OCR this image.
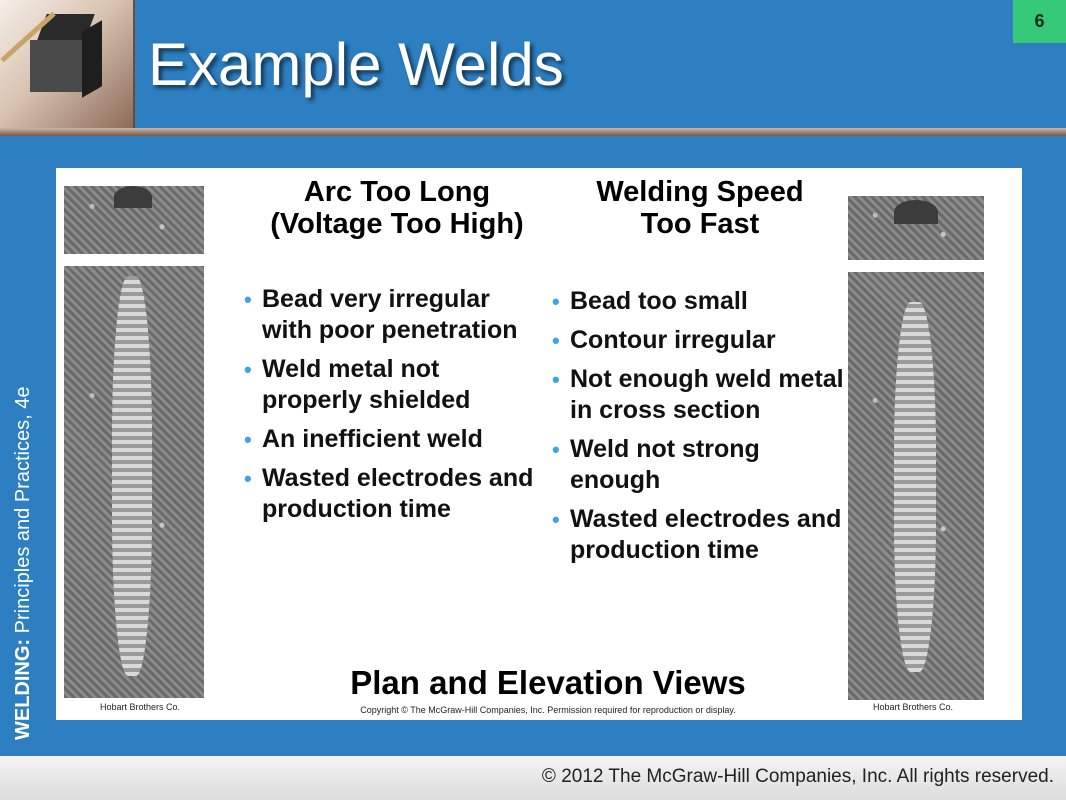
Example Welds
6
WELDING: Principles and Practices, 4e
Hobart Brothers Co.	Hobart Brothers Co.
Arc Too Long
(Voltage Too High)
• Bead very irregular with poor penetration
• Weld metal not properly shielded
• An inefficient weld
• Wasted electrodes and production time
Welding Speed
Too Fast
• Bead too small
• Contour irregular
• Not enough weld metal in cross section
• Weld not strong enough
• Wasted electrodes and production time
Plan and Elevation Views
Copyright © The McGraw-Hill Companies, Inc. Permission required for reproduction or display.
© 2012 The McGraw-Hill Companies, Inc. All rights reserved.
